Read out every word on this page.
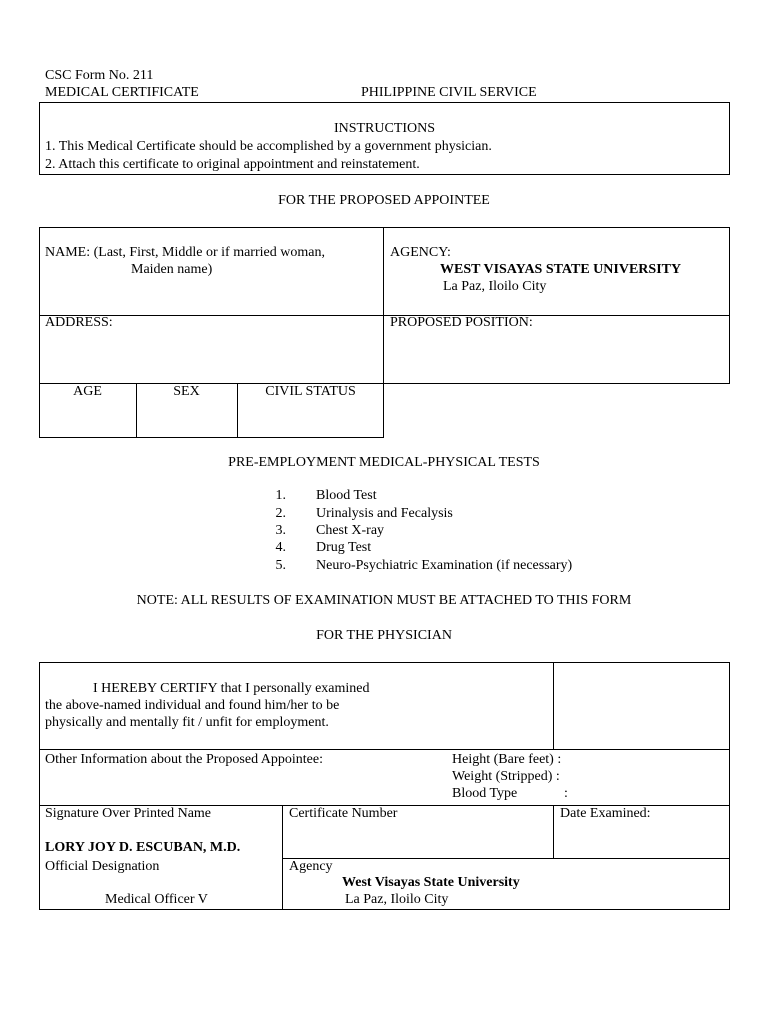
CSC Form No. 211
MEDICAL CERTIFICATE	PHILIPPINE CIVIL SERVICE
INSTRUCTIONS
1. This Medical Certificate should be accomplished by a government physician.
2. Attach this certificate to original appointment and reinstatement.
FOR THE PROPOSED APPOINTEE
NAME: (Last, First, Middle or if married woman,
Maiden name)
AGENCY:
WEST VISAYAS STATE UNIVERSITY
La Paz, Iloilo City
ADDRESS:	PROPOSED POSITION:
AGE	SEX	CIVIL STATUS
PRE-EMPLOYMENT MEDICAL-PHYSICAL TESTS
1. Blood Test
2. Urinalysis and Fecalysis
3. Chest X-ray
4. Drug Test
5. Neuro-Psychiatric Examination (if necessary)
NOTE: ALL RESULTS OF EXAMINATION MUST BE ATTACHED TO THIS FORM
FOR THE PHYSICIAN
I HEREBY CERTIFY that I personally examined
the above-named individual and found him/her to be
physically and mentally fit / unfit for employment.
Other Information about the Proposed Appointee:	Height (Bare feet) :
Weight (Stripped) :
Blood Type	:
Signature Over Printed Name
LORY JOY D. ESCUBAN, M.D.
Certificate Number	Date Examined:
Official Designation
Medical Officer V
Agency
West Visayas State University
La Paz, Iloilo City
